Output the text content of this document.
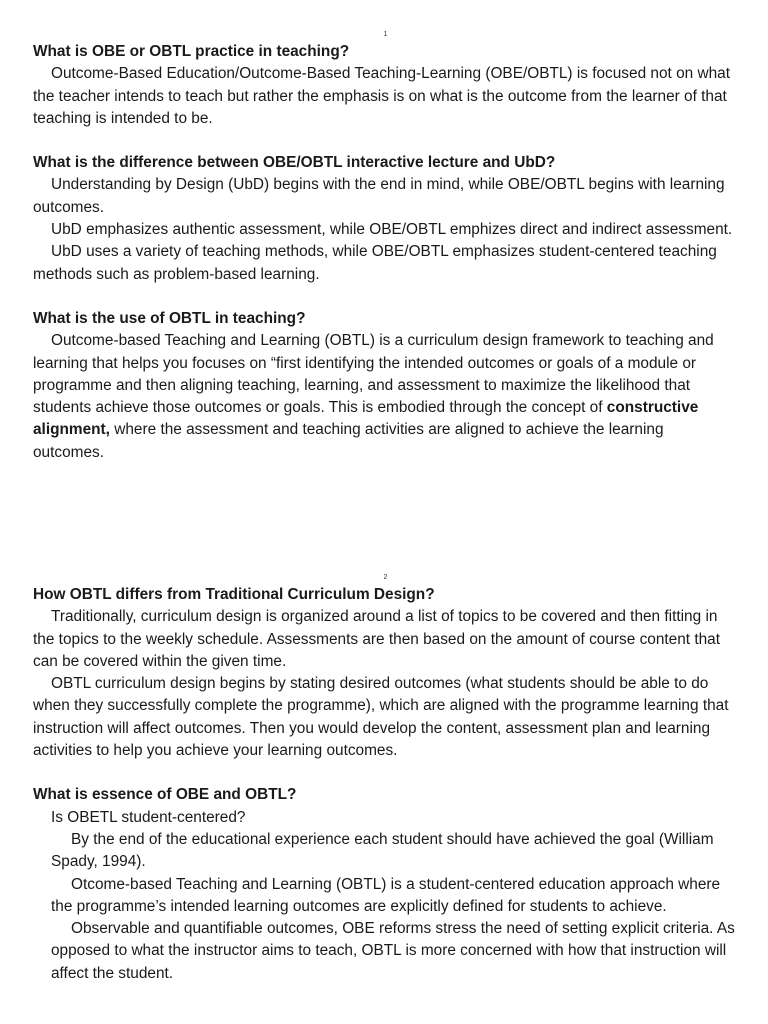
1

What is OBE or OBTL practice in teaching?

Outcome-Based Education/Outcome-Based Teaching-Learning (OBE/OBTL) is focused not on what the teacher intends to teach but rather the emphasis is on what is the outcome from the learner of that teaching is intended to be.

What is the difference between OBE/OBTL interactive lecture and UbD?

Understanding by Design (UbD) begins with the end in mind, while OBE/OBTL begins with learning outcomes.

UbD emphasizes authentic assessment, while OBE/OBTL emphizes direct and indirect assessment.

UbD uses a variety of teaching methods, while OBE/OBTL emphasizes student-centered teaching methods such as problem-based learning.

What is the use of OBTL in teaching?

Outcome-based Teaching and Learning (OBTL) is a curriculum design framework to teaching and learning that helps you focuses on “first identifying the intended outcomes or goals of a module or programme and then aligning teaching, learning, and assessment to maximize the likelihood that students achieve those outcomes or goals. This is embodied through the concept of constructive alignment, where the assessment and teaching activities are aligned to achieve the learning outcomes.

2

How OBTL differs from Traditional Curriculum Design?

Traditionally, curriculum design is organized around a list of topics to be covered and then fitting in the topics to the weekly schedule. Assessments are then based on the amount of course content that can be covered within the given time.

OBTL curriculum design begins by stating desired outcomes (what students should be able to do when they successfully complete the programme), which are aligned with the programme learning that instruction will affect outcomes. Then you would develop the content, assessment plan and learning activities to help you achieve your learning outcomes.

What is essence of OBE and OBTL?

Is OBETL student-centered?

By the end of the educational experience each student should have achieved the goal (William Spady, 1994).

Otcome-based Teaching and Learning (OBTL) is a student-centered education approach where the programme’s intended learning outcomes are explicitly defined for students to achieve.

Observable and quantifiable outcomes, OBE reforms stress the need of setting explicit criteria. As opposed to what the instructor aims to teach, OBTL is more concerned with how that instruction will affect the student.
